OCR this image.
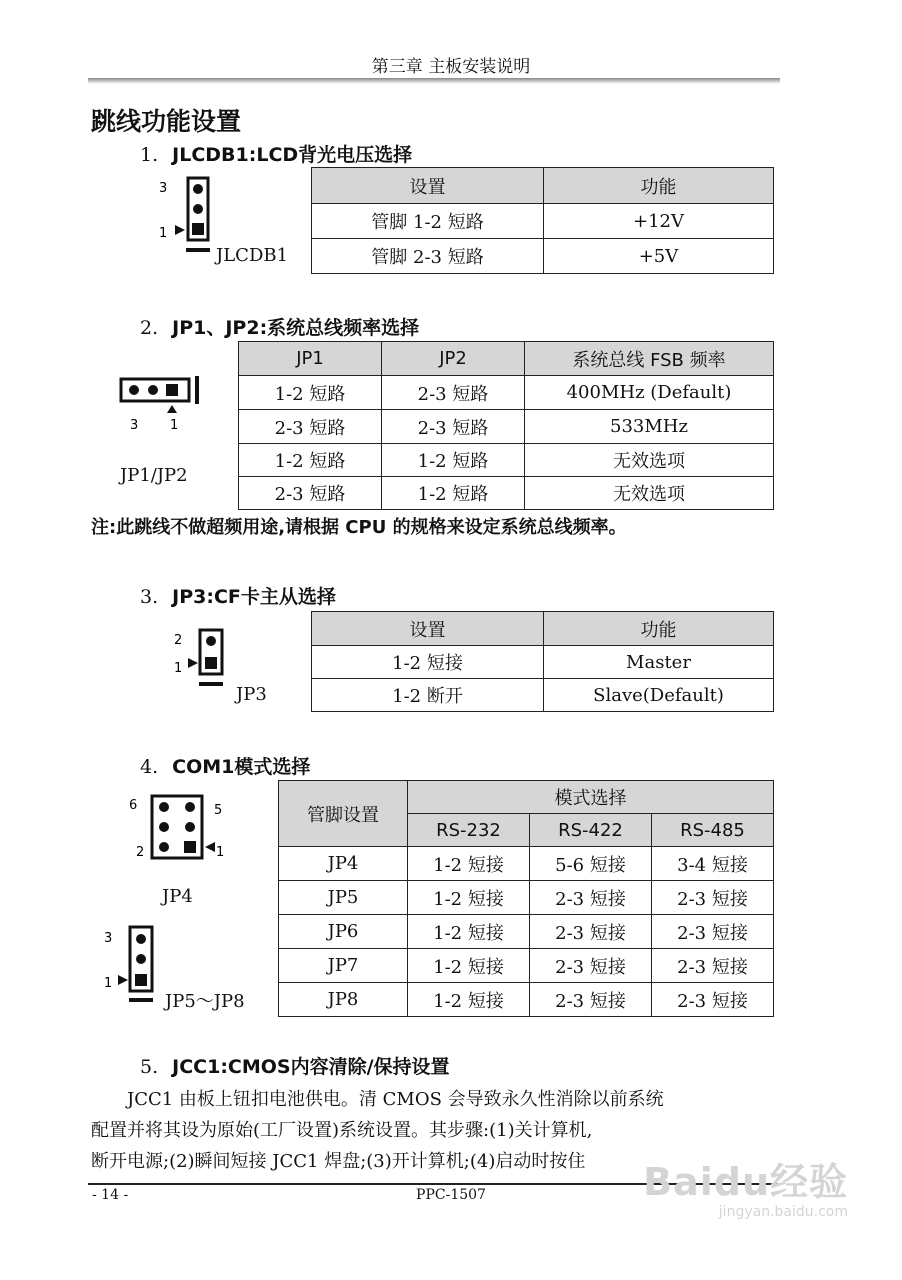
第三章 主板安装说明
跳线功能设置
1. JLCDB1:LCD背光电压选择
3
1
JLCDB1
设置	功能
管脚 1-2 短路	+12V
管脚 2-3 短路	+5V
2. JP1、JP2:系统总线频率选择
3 1
JP1/JP2
JP1	JP2	系统总线 FSB 频率
1-2 短路	2-3 短路	400MHz (Default)
2-3 短路	2-3 短路	533MHz
1-2 短路	1-2 短路	无效选项
2-3 短路	1-2 短路	无效选项
注:此跳线不做超频用途,请根据 CPU 的规格来设定系统总线频率。
3. JP3:CF卡主从选择
2
1
JP3
设置	功能
1-2 短接	Master
1-2 断开	Slave(Default)
4. COM1模式选择
6	5
2	1
JP4
3
1
JP5～JP8
管脚设置	模式选择		
	RS-232	RS-422	RS-485
JP4	1-2 短接	5-6 短接	3-4 短接
JP5	1-2 短接	2-3 短接	2-3 短接
JP6	1-2 短接	2-3 短接	2-3 短接
JP7	1-2 短接	2-3 短接	2-3 短接
JP8	1-2 短接	2-3 短接	2-3 短接
5. JCC1:CMOS内容清除/保持设置
JCC1 由板上钮扣电池供电。清 CMOS 会导致永久性消除以前系统
配置并将其设为原始(工厂设置)系统设置。其步骤:(1)关计算机,
断开电源;(2)瞬间短接 JCC1 焊盘;(3)开计算机;(4)启动时按住
- 14 -	PPC-1507	Baidu经验
jingyan.baidu.com
